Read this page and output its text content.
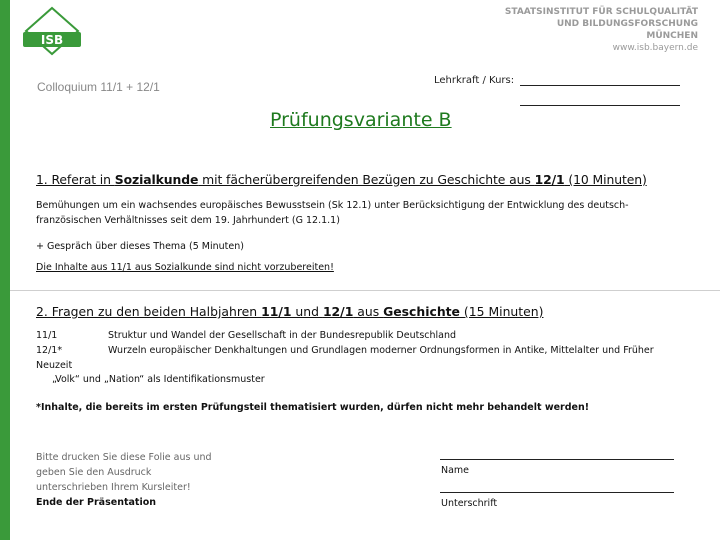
ISB
STAATSINSTITUT FÜR SCHULQUALITÄT
UND BILDUNGSFORSCHUNG
MÜNCHEN
www.isb.bayern.de
Colloquium 11/1 + 12/1	Lehrkraft / Kurs:
Prüfungsvariante B
1. Referat in Sozialkunde mit fächerübergreifenden Bezügen zu Geschichte aus 12/1 (10 Minuten)
Bemühungen um ein wachsendes europäisches Bewusstsein (Sk 12.1) unter Berücksichtigung der Entwicklung des deutsch-französischen Verhältnisses seit dem 19. Jahrhundert (G 12.1.1)
+ Gespräch über dieses Thema (5 Minuten)
Die Inhalte aus 11/1 aus Sozialkunde sind nicht vorzubereiten!
2. Fragen zu den beiden Halbjahren 11/1 und 12/1 aus Geschichte (15 Minuten)
11/1	Struktur und Wandel der Gesellschaft in der Bundesrepublik Deutschland
12/1*	Wurzeln europäischer Denkhaltungen und Grundlagen moderner Ordnungsformen in Antike, Mittelalter und Früher
Neuzeit
„Volk“ und „Nation“ als Identifikationsmuster
*Inhalte, die bereits im ersten Prüfungsteil thematisiert wurden, dürfen nicht mehr behandelt werden!
Bitte drucken Sie diese Folie aus und
geben Sie den Ausdruck
unterschrieben Ihrem Kursleiter!
Ende der Präsentation
Name
Unterschrift
